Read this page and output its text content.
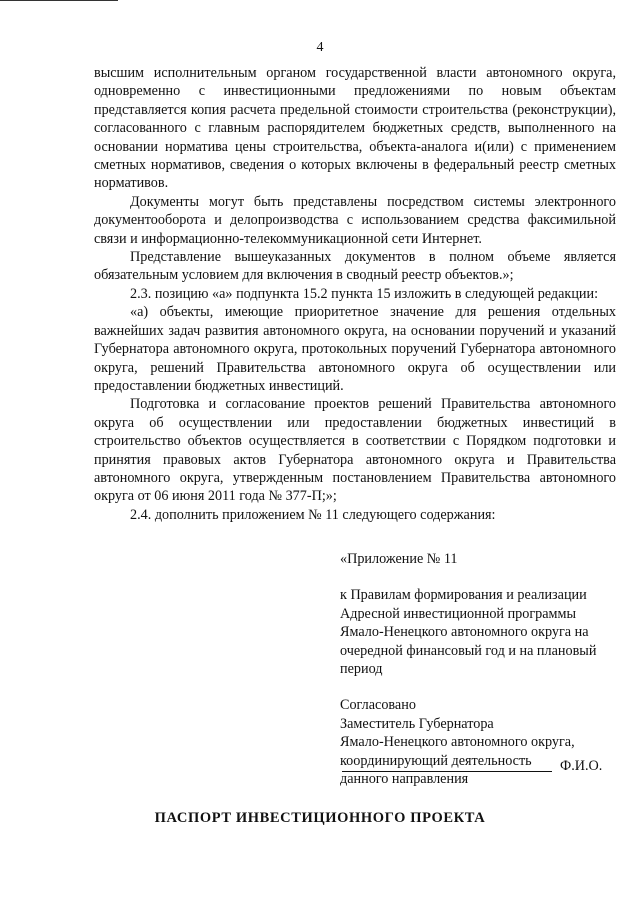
4

высшим исполнительным органом государственной власти автономного округа, одновременно с инвестиционными предложениями по новым объектам представляется копия расчета предельной стоимости строительства (реконструкции), согласованного с главным распорядителем бюджетных средств, выполненного на основании норматива цены строительства, объекта-аналога и(или) с применением сметных нормативов, сведения о которых включены в федеральный реестр сметных нормативов.

Документы могут быть представлены посредством системы электронного документооборота и делопроизводства с использованием средства факсимильной связи и информационно-телекоммуникационной сети Интернет.

Представление вышеуказанных документов в полном объеме является обязательным условием для включения в сводный реестр объектов.»;

2.3. позицию «а» подпункта 15.2 пункта 15 изложить в следующей редакции:

«а) объекты, имеющие приоритетное значение для решения отдельных важнейших задач развития автономного округа, на основании поручений и указаний Губернатора автономного округа, протокольных поручений Губернатора автономного округа, решений Правительства автономного округа об осуществлении или предоставлении бюджетных инвестиций.

Подготовка и согласование проектов решений Правительства автономного округа об осуществлении или предоставлении бюджетных инвестиций в строительство объектов осуществляется в соответствии с Порядком подготовки и принятия правовых актов Губернатора автономного округа и Правительства автономного округа, утвержденным постановлением Правительства автономного округа от 06 июня 2011 года № 377-П;»;

2.4. дополнить приложением № 11 следующего содержания:

«Приложение № 11

к Правилам формирования и реализации

Адресной инвестиционной программы

Ямало-Ненецкого автономного округа на

очередной финансовый год и на плановый

период

Согласовано

Заместитель Губернатора

Ямало-Ненецкого автономного округа,

координирующий деятельность

данного направления

Ф.И.О.
ПАСПОРТ ИНВЕСТИЦИОННОГО ПРОЕКТА
